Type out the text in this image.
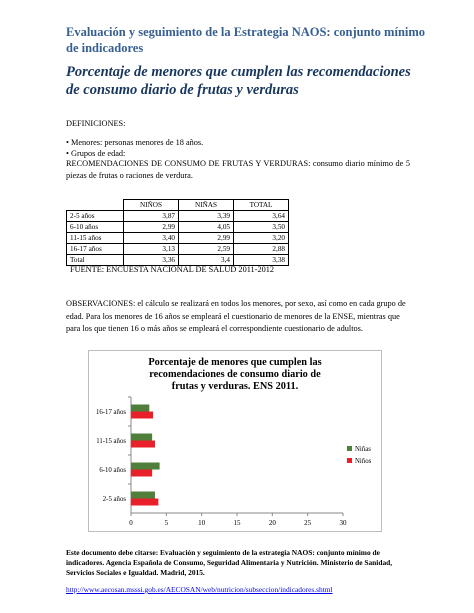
Evaluación y seguimiento de la Estrategia NAOS: conjunto mínimo de indicadores
Porcentaje de menores que cumplen las recomendaciones de consumo diario de frutas y verduras
DEFINICIONES:
• Menores: personas menores de 18 años.
• Grupos de edad:
RECOMENDACIONES DE CONSUMO DE FRUTAS Y VERDURAS: consumo diario mínimo de 5 piezas de frutas o raciones de verdura.
	NIÑOS	NIÑAS	TOTAL
2-5 años	3,87	3,39	3,64
6-10 años	2,99	4,05	3,50
11-15 años	3,40	2,99	3,20
16-17 años	3,13	2,59	2,88
Total	3,36	3,4	3,38
FUENTE: ENCUESTA NACIONAL DE SALUD 2011-2012
OBSERVACIONES: el cálculo se realizará en todos los menores, por sexo, así como en cada grupo de edad. Para los menores de 16 años se empleará el cuestionario de menores de la ENSE, mientras que para los que tienen 16 o más años se empleará el correspondiente cuestionario de adultos.
Porcentaje de menores que cumplen las
recomendaciones de consumo diario de
frutas y verduras. ENS 2011.
0	5	10	15	20	25	30
16-17 años
11-15 años
6-10 años
2-5 años
Niñas
Niños
Este documento debe citarse: Evaluación y seguimiento de la estrategia NAOS: conjunto mínimo de indicadores. Agencia Española de Consumo, Seguridad Alimentaria y Nutrición. Ministerio de Sanidad, Servicios Sociales e Igualdad. Madrid, 2015.
http://www.aecosan.msssi.gob.es/AECOSAN/web/nutricion/subseccion/indicadores.shtml
